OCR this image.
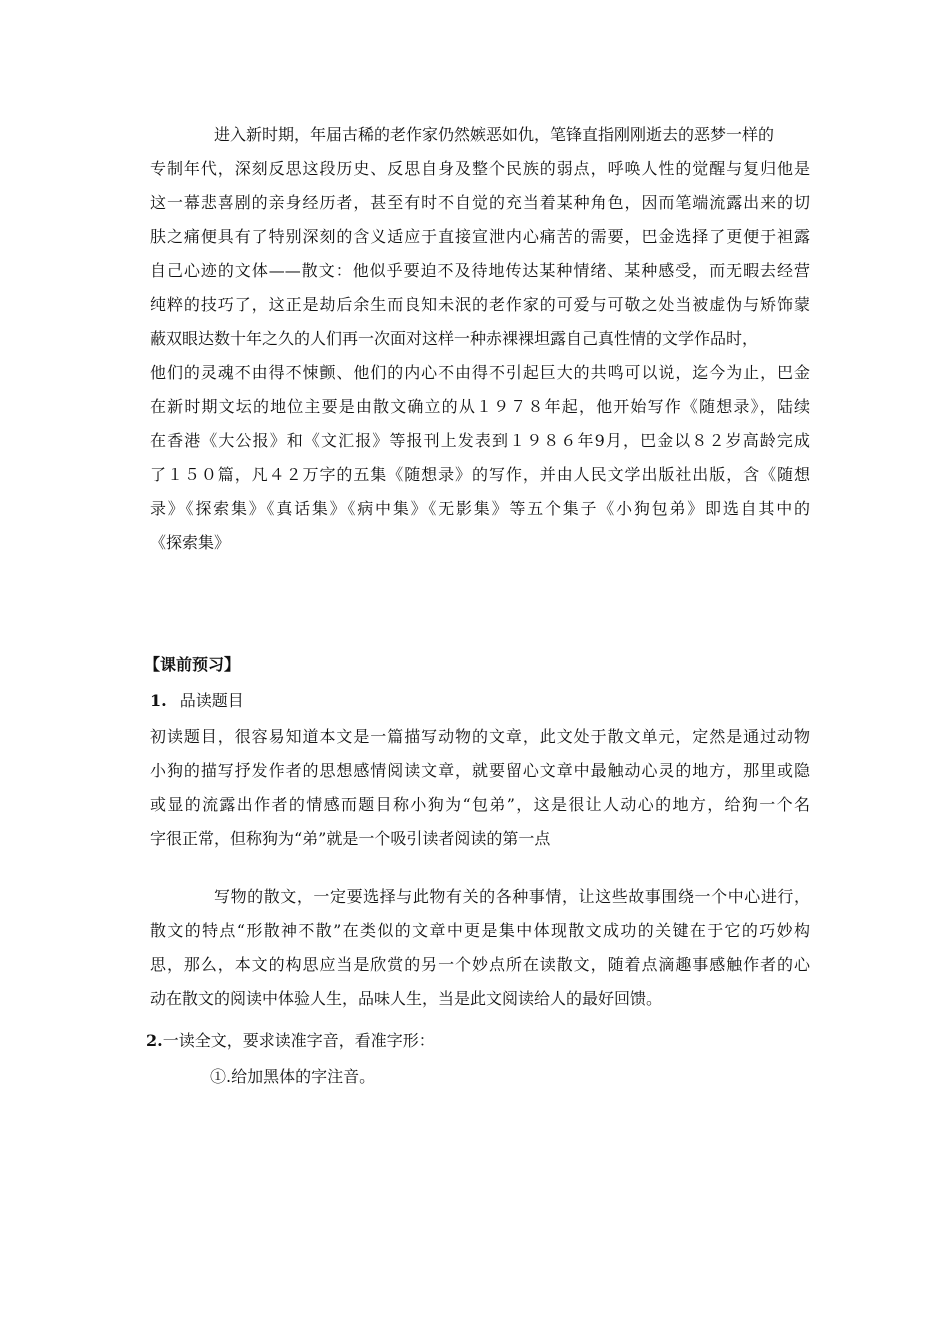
进入新时期，年届古稀的老作家仍然嫉恶如仇，笔锋直指刚刚逝去的恶梦一样的
专制年代，深刻反思这段历史、反思自身及整个民族的弱点，呼唤人性的觉醒与复归他是
这一幕悲喜剧的亲身经历者，甚至有时不自觉的充当着某种角色，因而笔端流露出来的切
肤之痛便具有了特别深刻的含义适应于直接宣泄内心痛苦的需要，巴金选择了更便于袒露
自己心迹的文体——散文：他似乎要迫不及待地传达某种情绪、某种感受，而无暇去经营
纯粹的技巧了，这正是劫后余生而良知未泯的老作家的可爱与可敬之处当被虚伪与矫饰蒙
蔽双眼达数十年之久的人们再一次面对这样一种赤裸裸坦露自己真性情的文学作品时，
他们的灵魂不由得不悚颤、他们的内心不由得不引起巨大的共鸣可以说，迄今为止，巴金
在新时期文坛的地位主要是由散文确立的从１９７８年起，他开始写作《随想录》，陆续
在香港《大公报》和《文汇报》等报刊上发表到１９８６年9月，巴金以８２岁高龄完成
了１５０篇，凡４２万字的五集《随想录》的写作，并由人民文学出版社出版，含《随想
录》《探索集》《真话集》《病中集》《无影集》等五个集子《小狗包弟》即选自其中的
《探索集》
【课前预习】
1. 品读题目
初读题目，很容易知道本文是一篇描写动物的文章，此文处于散文单元，定然是通过动物
小狗的描写抒发作者的思想感情阅读文章，就要留心文章中最触动心灵的地方，那里或隐
或显的流露出作者的情感而题目称小狗为“包弟”，这是很让人动心的地方，给狗一个名
字很正常，但称狗为“弟”就是一个吸引读者阅读的第一点
写物的散文，一定要选择与此物有关的各种事情，让这些故事围绕一个中心进行，
散文的特点“形散神不散”在类似的文章中更是集中体现散文成功的关键在于它的巧妙构
思，那么，本文的构思应当是欣赏的另一个妙点所在读散文，随着点滴趣事感触作者的心
动在散文的阅读中体验人生，品味人生，当是此文阅读给人的最好回馈。
2.一读全文，要求读准字音，看准字形：
①.给加黑体的字注音。
